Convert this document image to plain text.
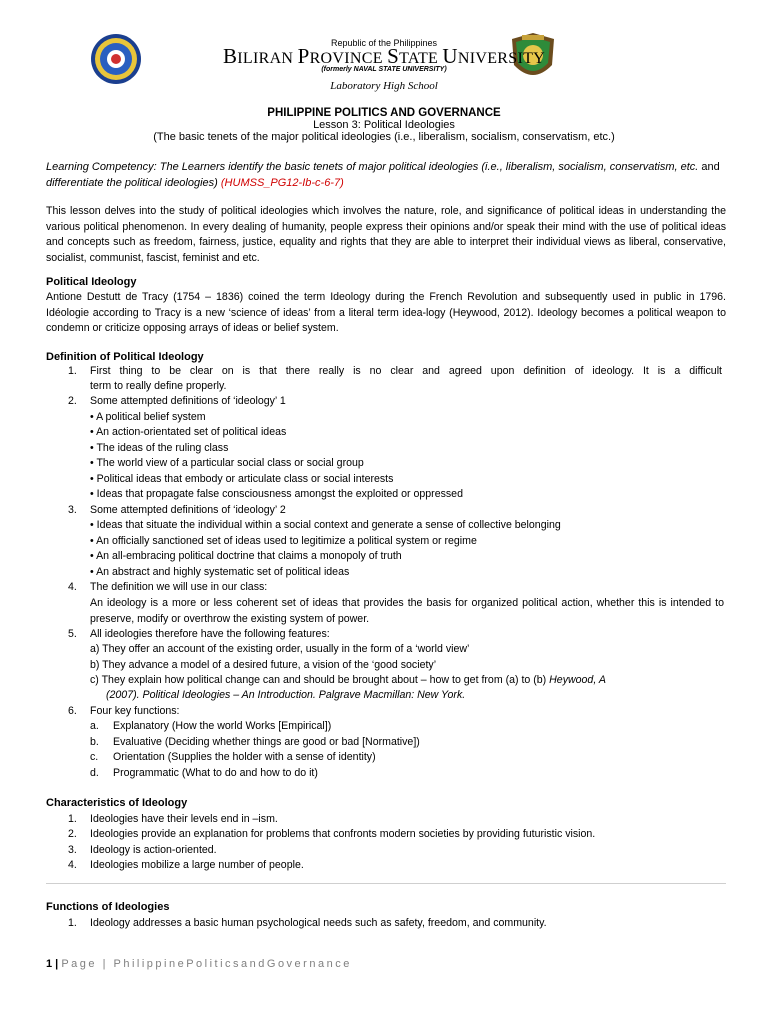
Republic of the Philippines
BILIRAN PROVINCE STATE UNIVERSITY
(formerly NAVAL STATE UNIVERSITY)
Laboratory High School
PHILIPPINE POLITICS AND GOVERNANCE
Lesson 3: Political Ideologies
(The basic tenets of the major political ideologies (i.e., liberalism, socialism, conservatism, etc.)
Learning Competency: The Learners identify the basic tenets of major political ideologies (i.e., liberalism, socialism, conservatism, etc. and differentiate the political ideologies) (HUMSS_PG12-Ib-c-6-7)
This lesson delves into the study of political ideologies which involves the nature, role, and significance of political ideas in understanding the various political phenomenon. In every dealing of humanity, people express their opinions and/or speak their mind with the use of political ideas and concepts such as freedom, fairness, justice, equality and rights that they are able to interpret their individual views as liberal, conservative, socialist, communist, fascist, feminist and etc.
Political Ideology
Antione Destutt de Tracy (1754 – 1836) coined the term Ideology during the French Revolution and subsequently used in public in 1796. Idéologie according to Tracy is a new ‘science of ideas’ from a literal term idea-logy (Heywood, 2012). Ideology becomes a political weapon to condemn or criticize opposing arrays of ideas or belief system.
Definition of Political Ideology
1. First thing to be clear on is that there really is no clear and agreed upon definition of ideology. It is a difficult
term to really define properly.
2. Some attempted definitions of ‘ideology’ 1
• A political belief system
• An action-orientated set of political ideas
• The ideas of the ruling class
• The world view of a particular social class or social group
• Political ideas that embody or articulate class or social interests
• Ideas that propagate false consciousness amongst the exploited or oppressed
3. Some attempted definitions of ‘ideology’ 2
• Ideas that situate the individual within a social context and generate a sense of collective belonging
• An officially sanctioned set of ideas used to legitimize a political system or regime
• An all-embracing political doctrine that claims a monopoly of truth
• An abstract and highly systematic set of political ideas
4. The definition we will use in our class:
An ideology is a more or less coherent set of ideas that provides the basis for organized political action, whether this is intended to preserve, modify or overthrow the existing system of power.
5. All ideologies therefore have the following features:
a) They offer an account of the existing order, usually in the form of a ‘world view’
b) They advance a model of a desired future, a vision of the ‘good society’
c) They explain how political change can and should be brought about – how to get from (a) to (b) Heywood, A
(2007). Political Ideologies – An Introduction. Palgrave Macmillan: New York.
6. Four key functions:
a. Explanatory (How the world Works [Empirical])
b. Evaluative (Deciding whether things are good or bad [Normative])
c. Orientation (Supplies the holder with a sense of identity)
d. Programmatic (What to do and how to do it)
Characteristics of Ideology
1. Ideologies have their levels end in –ism.
2. Ideologies provide an explanation for problems that confronts modern societies by providing futuristic vision.
3. Ideology is action-oriented.
4. Ideologies mobilize a large number of people.
Functions of Ideologies
1. Ideology addresses a basic human psychological needs such as safety, freedom, and community.
1 | Page | PhilippinePoliticsandGovernance
